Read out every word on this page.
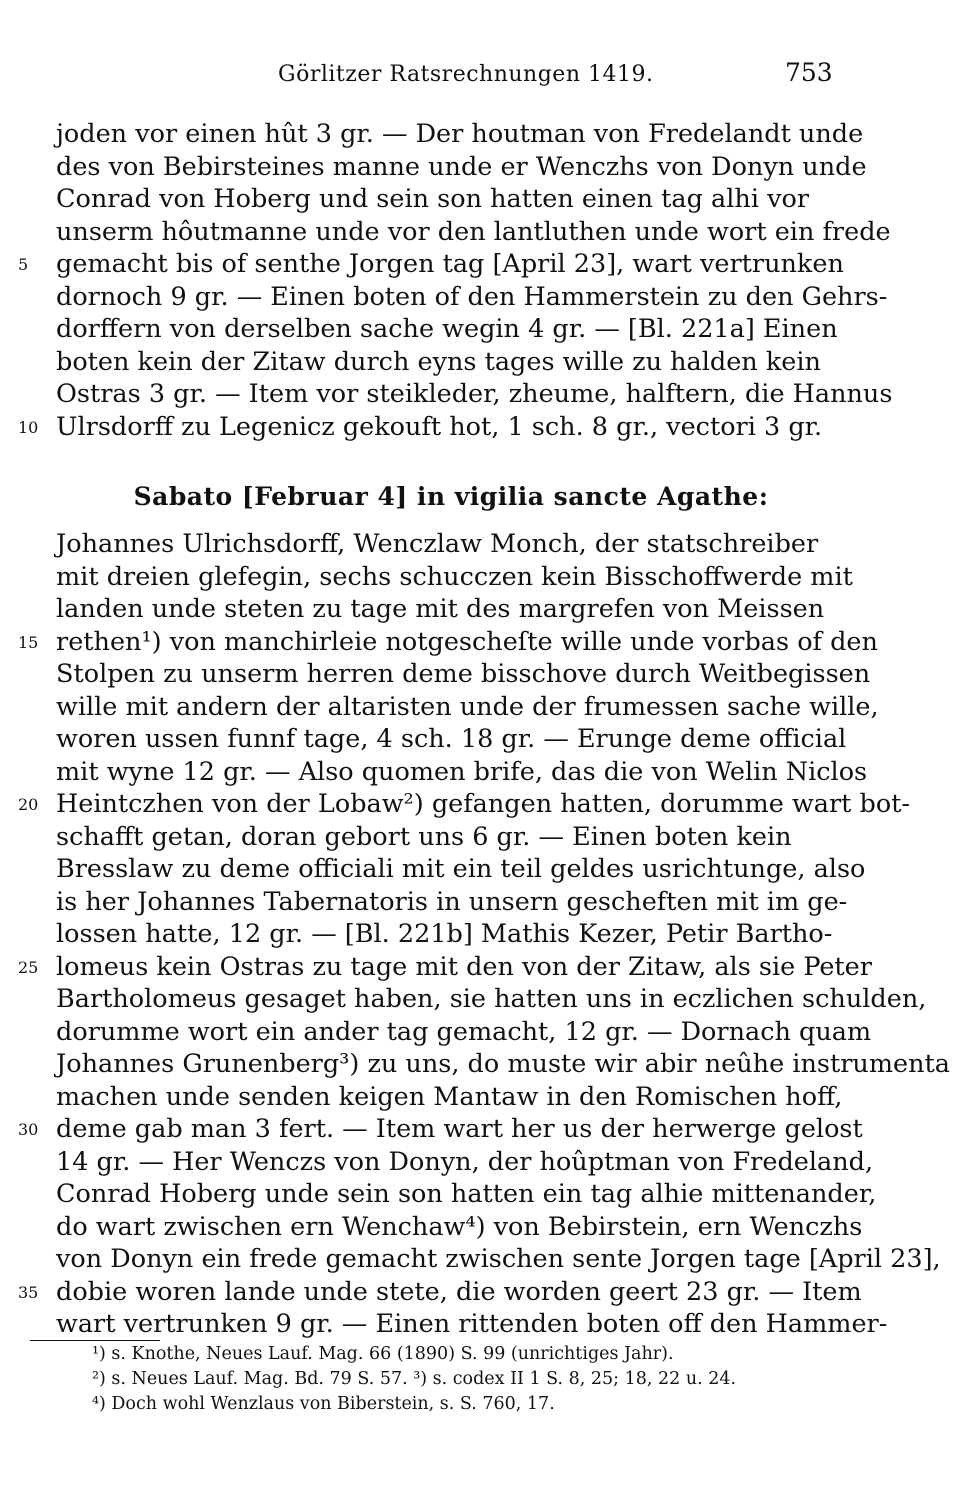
Görlitzer Ratsrechnungen 1419.	753
joden vor einen hût 3 gr. — Der houtman von Fredelandt unde
des von Bebirsteines manne unde er Wenczhs von Donyn unde
Conrad von Hoberg und sein son hatten einen tag alhi vor
unserm hôutmanne unde vor den lantluthen unde wort ein frede
5 gemacht bis of senthe Jorgen tag [April 23], wart vertrunken
dornoch 9 gr. — Einen boten of den Hammerstein zu den Gehrs-
dorffern von derselben sache wegin 4 gr. — [Bl. 221a] Einen
boten kein der Zitaw durch eyns tages wille zu halden kein
Ostras 3 gr. — Item vor steikleder, zheume, halftern, die Hannus
10 Ulrsdorff zu Legenicz gekouft hot, 1 sch. 8 gr., vectori 3 gr.
Sabato [Februar 4] in vigilia sancte Agathe:
Johannes Ulrichsdorff, Wenczlaw Monch, der statschreiber
mit dreien glefegin, sechs schucczen kein Bisschoffwerde mit
landen unde steten zu tage mit des margrefen von Meissen
15 rethen¹) von manchirleie notgescheſte wille unde vorbas of den
Stolpen zu unserm herren deme bisschove durch Weitbegissen
wille mit andern der altaristen unde der frumessen sache wille,
woren ussen funnf tage, 4 sch. 18 gr. — Erunge deme official
mit wyne 12 gr. — Also quomen brife, das die von Welin Niclos
20 Heintczhen von der Lobaw²) gefangen hatten, dorumme wart bot-
schafft getan, doran gebort uns 6 gr. — Einen boten kein
Bresslaw zu deme officiali mit ein teil geldes usrichtunge, also
is her Johannes Tabernatoris in unsern gescheften mit im ge-
lossen hatte, 12 gr. — [Bl. 221b] Mathis Kezer, Petir Bartho-
25 lomeus kein Ostras zu tage mit den von der Zitaw, als sie Peter
Bartholomeus gesaget haben, sie hatten uns in eczlichen schulden,
dorumme wort ein ander tag gemacht, 12 gr. — Dornach quam
Johannes Grunenberg³) zu uns, do muste wir abir neûhe instrumenta
machen unde senden keigen Mantaw in den Romischen hoff,
30 deme gab man 3 fert. — Item wart her us der herwerge gelost
14 gr. — Her Wenczs von Donyn, der hoûptman von Fredeland,
Conrad Hoberg unde sein son hatten ein tag alhie mittenander,
do wart zwischen ern Wenchaw⁴) von Bebirstein, ern Wenczhs
von Donyn ein frede gemacht zwischen sente Jorgen tage [April 23],
35 dobie woren lande unde stete, die worden geert 23 gr. — Item
wart vertrunken 9 gr. — Einen rittenden boten off den Hammer-
¹) s. Knothe, Neues Lauf. Mag. 66 (1890) S. 99 (unrichtiges Jahr).
²) s. Neues Lauf. Mag. Bd. 79 S. 57. ³) s. codex II 1 S. 8, 25; 18, 22 u. 24.
⁴) Doch wohl Wenzlaus von Biberstein, s. S. 760, 17.
